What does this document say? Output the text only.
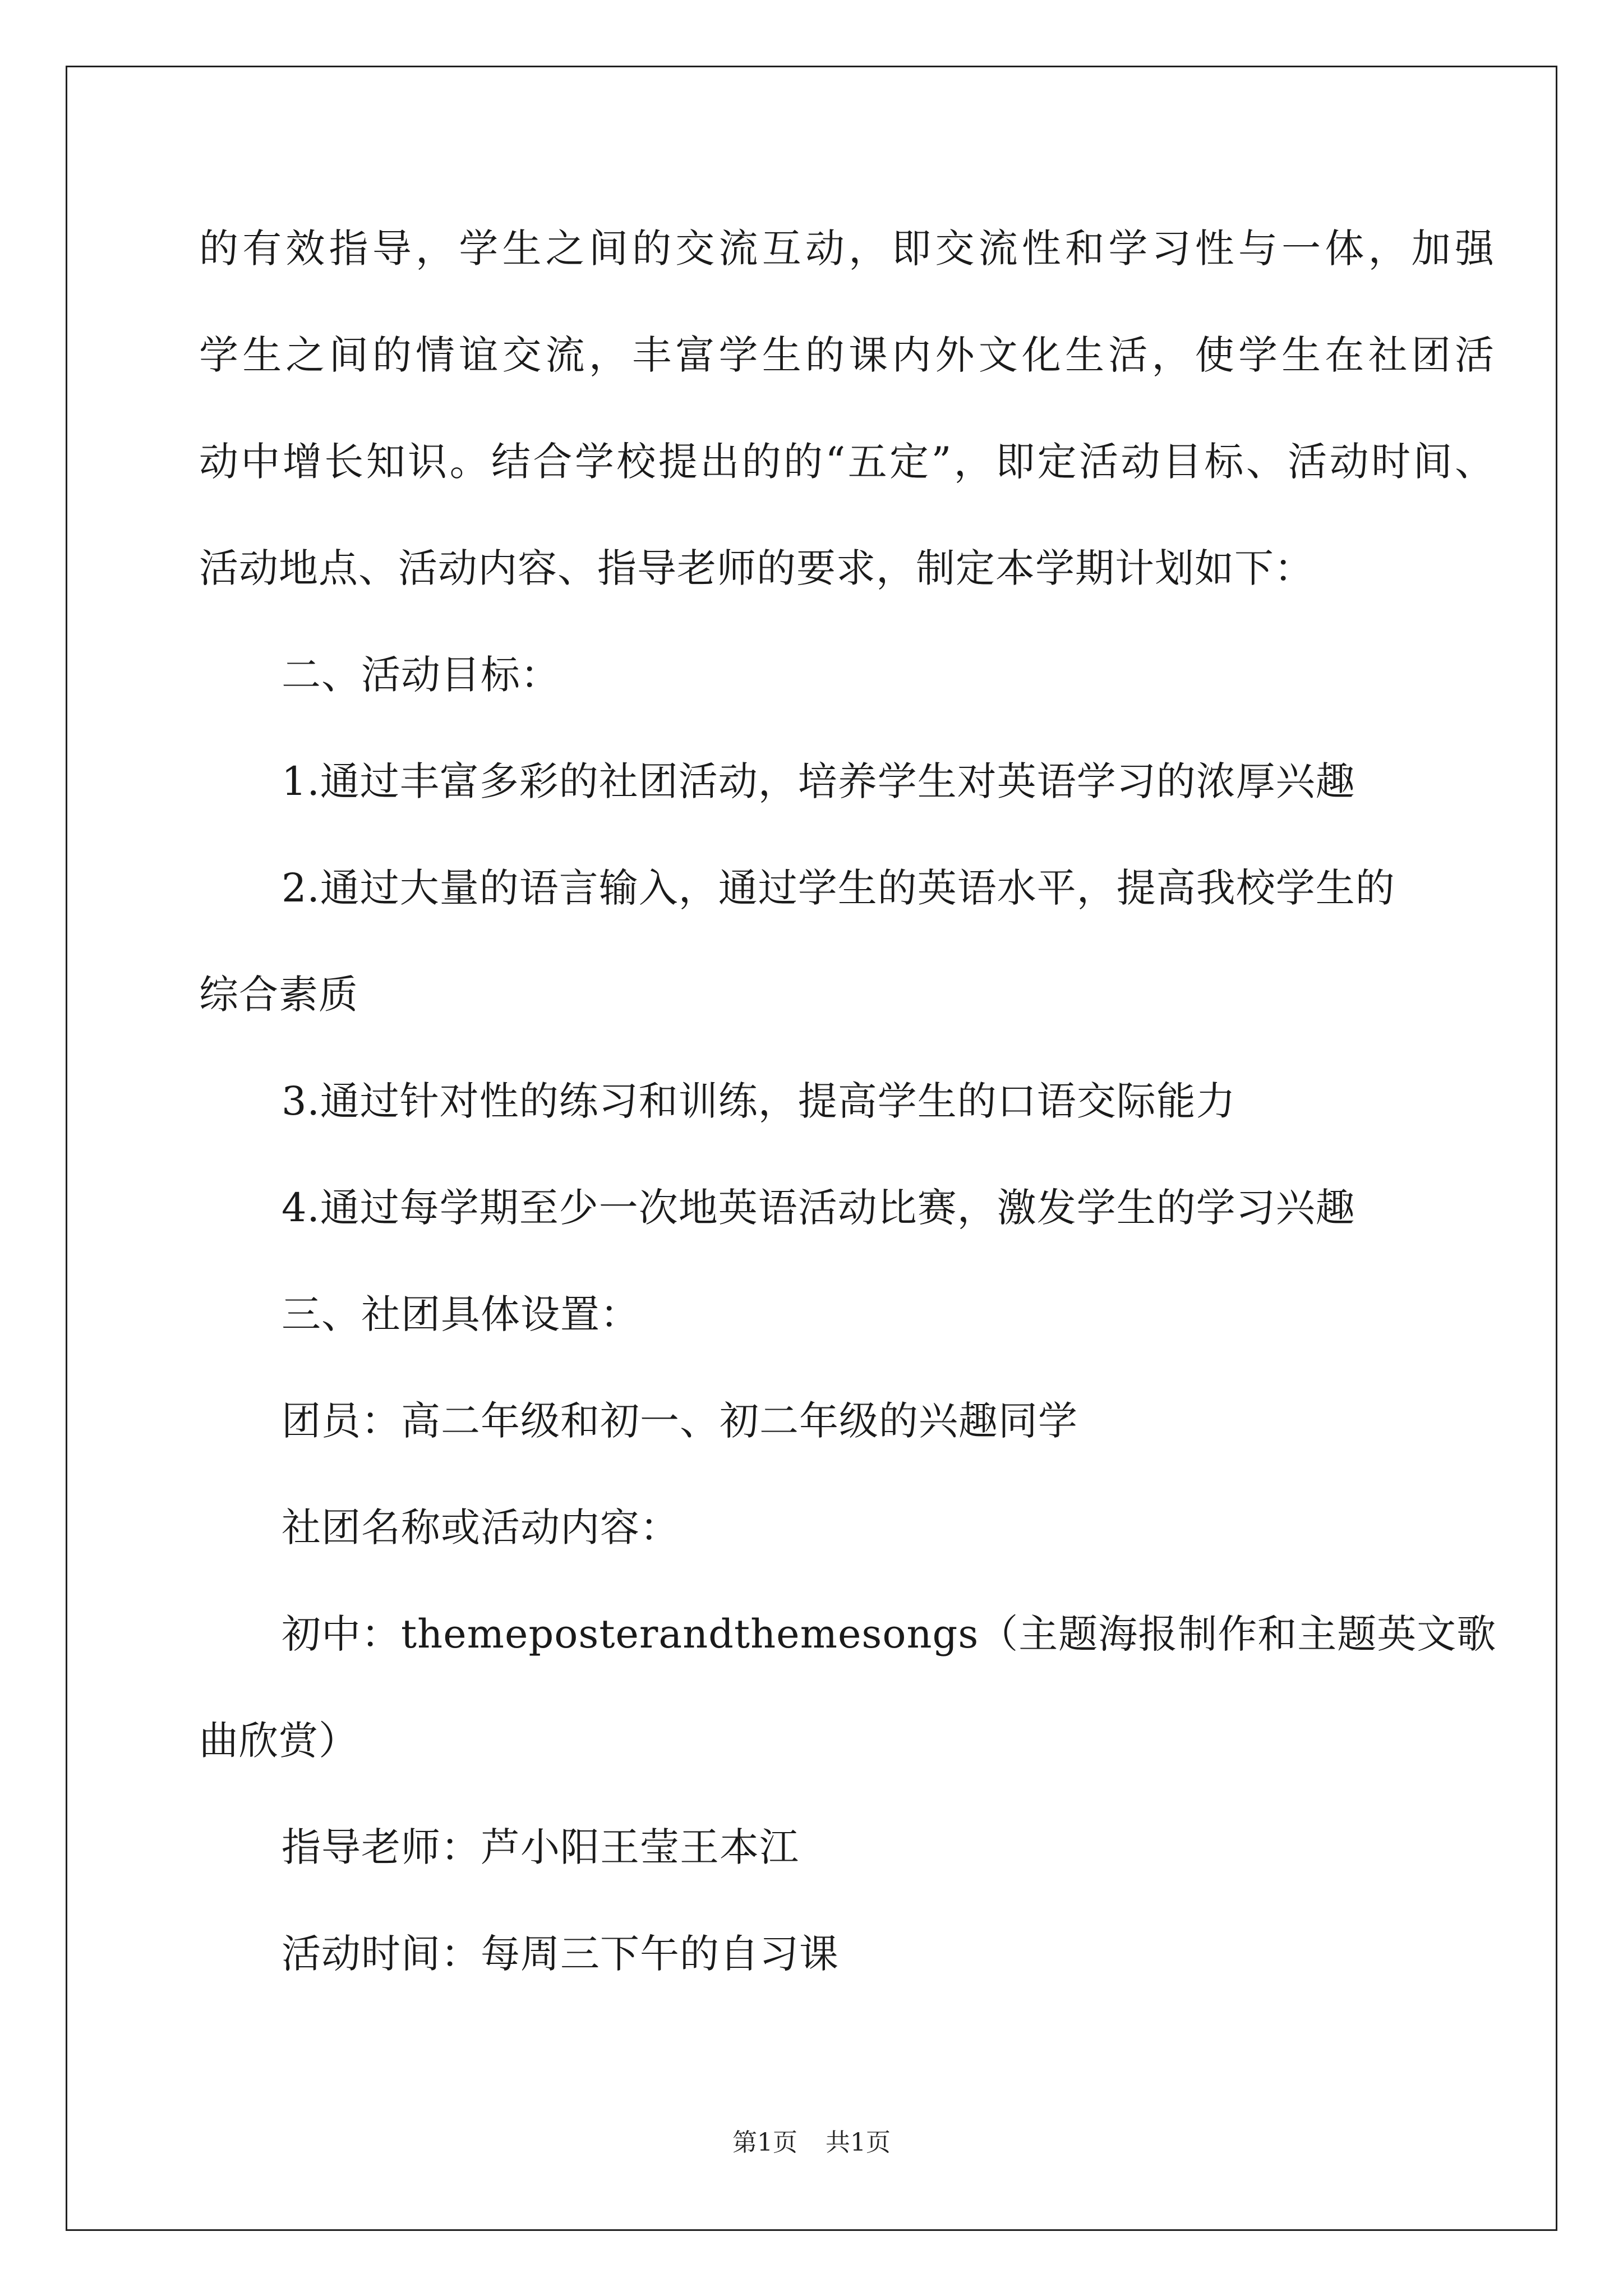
的有效指导，学生之间的交流互动，即交流性和学习性与一体，加强
学生之间的情谊交流，丰富学生的课内外文化生活，使学生在社团活
动中增长知识。结合学校提出的的“五定”，即定活动目标、活动时间、
活动地点、活动内容、指导老师的要求，制定本学期计划如下：
二、活动目标：
1.通过丰富多彩的社团活动，培养学生对英语学习的浓厚兴趣
2.通过大量的语言输入，通过学生的英语水平，提高我校学生的
综合素质
3.通过针对性的练习和训练，提高学生的口语交际能力
4.通过每学期至少一次地英语活动比赛，激发学生的学习兴趣
三、社团具体设置：
团员：高二年级和初一、初二年级的兴趣同学
社团名称或活动内容：
初中：themeposterandthemesongs（主题海报制作和主题英文歌
曲欣赏）
指导老师：芦小阳王莹王本江
活动时间：每周三下午的自习课
第1页 共1页
